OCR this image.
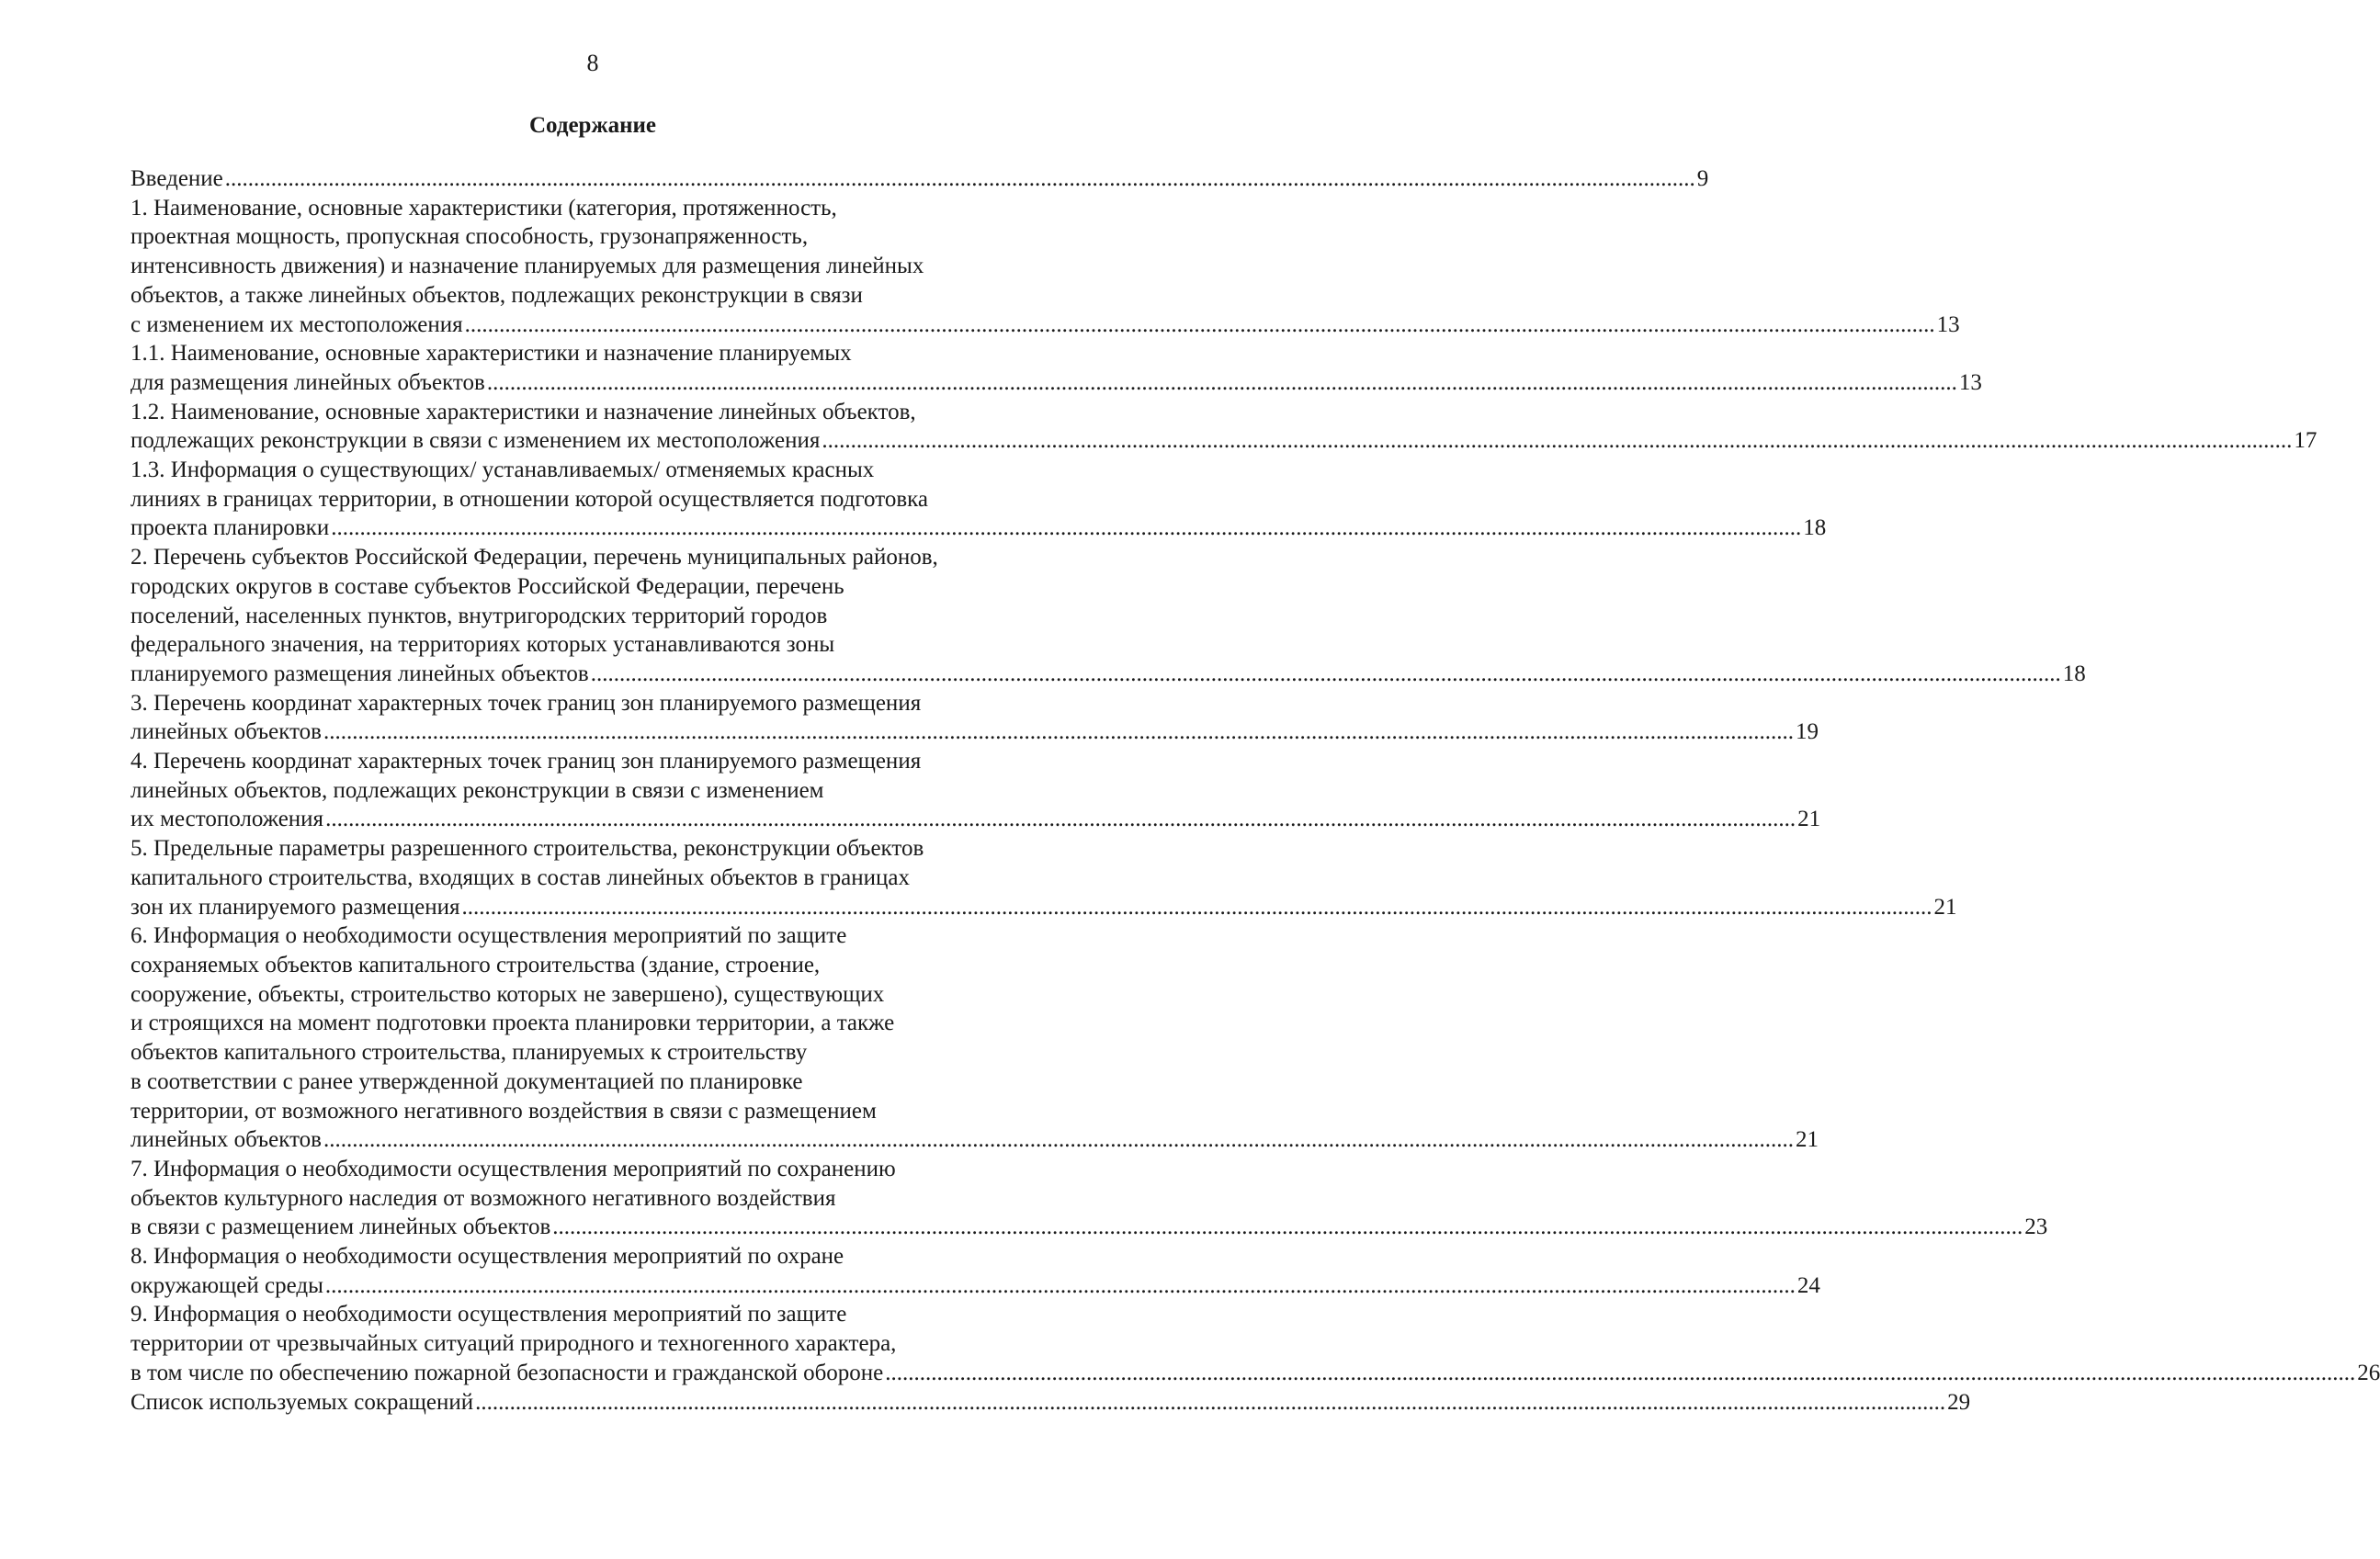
8
Содержание
Введение ................................................................................................................................................................................................................................................................ 9
1. Наименование, основные характеристики (категория, протяженность,
проектная мощность, пропускная способность, грузонапряженность,
интенсивность движения) и назначение планируемых для размещения линейных
объектов, а также линейных объектов, подлежащих реконструкции в связи
с изменением их местоположения ................................................................................................................................................................................................................................................................ 13
1.1. Наименование, основные характеристики и назначение планируемых
для размещения линейных объектов ................................................................................................................................................................................................................................................................ 13
1.2. Наименование, основные характеристики и назначение линейных объектов,
подлежащих реконструкции в связи с изменением их местоположения ................................................................................................................................................................................................................................................................ 17
1.3. Информация о существующих/ устанавливаемых/ отменяемых красных
линиях в границах территории, в отношении которой осуществляется подготовка
проекта планировки ................................................................................................................................................................................................................................................................ 18
2. Перечень субъектов Российской Федерации, перечень муниципальных районов,
городских округов в составе субъектов Российской Федерации, перечень
поселений, населенных пунктов, внутригородских территорий городов
федерального значения, на территориях которых устанавливаются зоны
планируемого размещения линейных объектов ................................................................................................................................................................................................................................................................ 18
3. Перечень координат характерных точек границ зон планируемого размещения
линейных объектов ................................................................................................................................................................................................................................................................ 19
4. Перечень координат характерных точек границ зон планируемого размещения
линейных объектов, подлежащих реконструкции в связи с изменением
их местоположения ................................................................................................................................................................................................................................................................ 21
5. Предельные параметры разрешенного строительства, реконструкции объектов
капитального строительства, входящих в состав линейных объектов в границах
зон их планируемого размещения ................................................................................................................................................................................................................................................................ 21
6. Информация о необходимости осуществления мероприятий по защите
сохраняемых объектов капитального строительства (здание, строение,
сооружение, объекты, строительство которых не завершено), существующих
и строящихся на момент подготовки проекта планировки территории, а также
объектов капитального строительства, планируемых к строительству
в соответствии с ранее утвержденной документацией по планировке
территории, от возможного негативного воздействия в связи с размещением
линейных объектов ................................................................................................................................................................................................................................................................ 21
7. Информация о необходимости осуществления мероприятий по сохранению
объектов культурного наследия от возможного негативного воздействия
в связи с размещением линейных объектов ................................................................................................................................................................................................................................................................ 23
8. Информация о необходимости осуществления мероприятий по охране
окружающей среды ................................................................................................................................................................................................................................................................ 24
9. Информация о необходимости осуществления мероприятий по защите
территории от чрезвычайных ситуаций природного и техногенного характера,
в том числе по обеспечению пожарной безопасности и гражданской обороне ................................................................................................................................................................................................................................................................ 26
Список используемых сокращений ................................................................................................................................................................................................................................................................ 29
